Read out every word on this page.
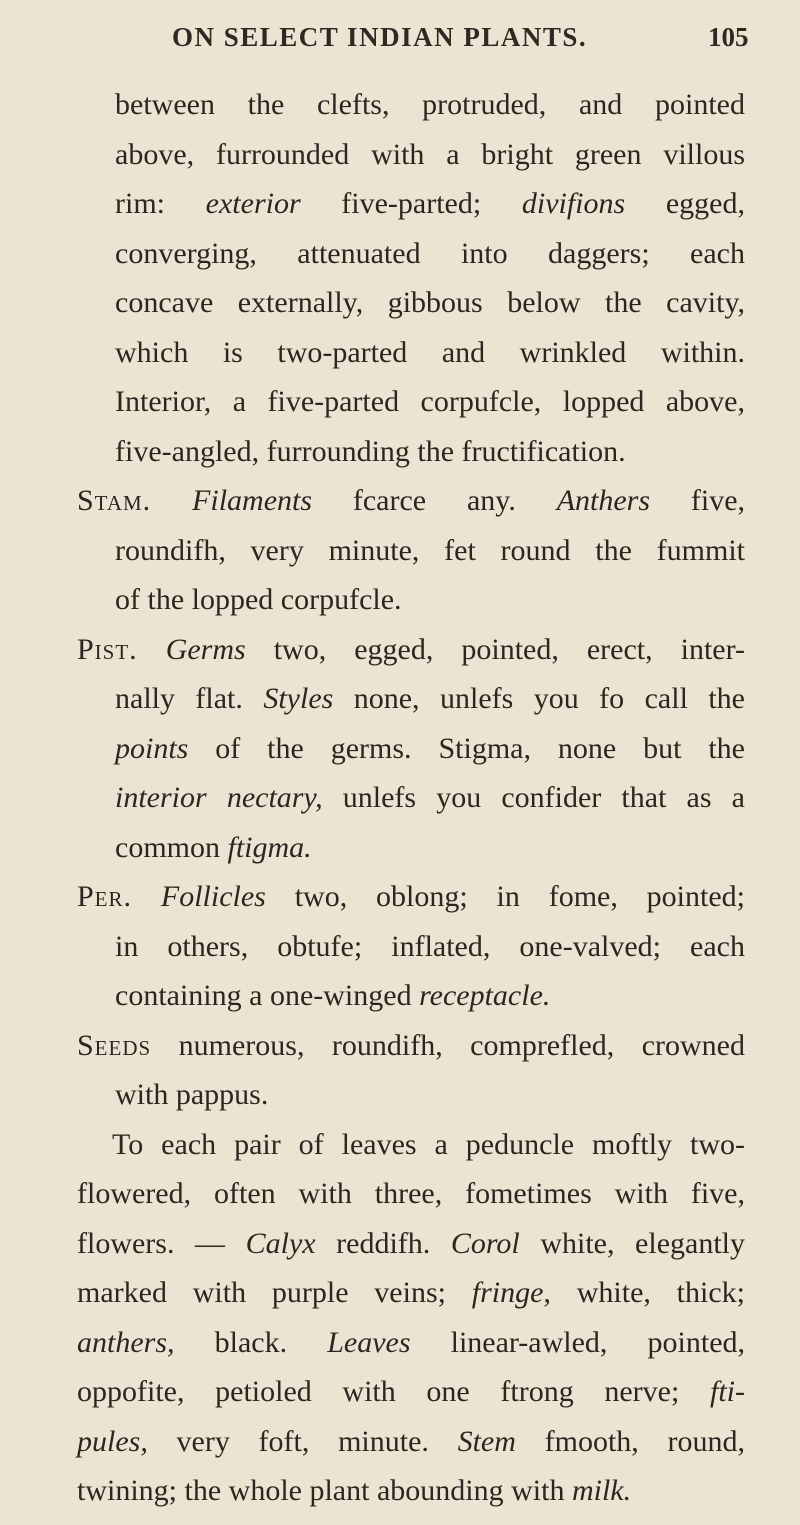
ON SELECT INDIAN PLANTS.	105
between the clefts, protruded, and pointed
above, furrounded with a bright green villous
rim: exterior five-parted; divifions egged,
converging, attenuated into daggers; each
concave externally, gibbous below the cavity,
which is two-parted and wrinkled within.
Interior, a five-parted corpufcle, lopped above,
five-angled, furrounding the fructification.
Stam. Filaments fcarce any. Anthers five,
roundifh, very minute, fet round the fummit
of the lopped corpufcle.
Pist. Germs two, egged, pointed, erect, inter-
nally flat. Styles none, unlefs you fo call the
points of the germs. Stigma, none but the
interior nectary, unlefs you confider that as a
common ftigma.
Per. Follicles two, oblong; in fome, pointed;
in others, obtufe; inflated, one-valved; each
containing a one-winged receptacle.
Seeds numerous, roundifh, comprefled, crowned
with pappus.
To each pair of leaves a peduncle moftly two-
flowered, often with three, fometimes with five,
flowers. — Calyx reddifh. Corol white, elegantly
marked with purple veins; fringe, white, thick;
anthers, black. Leaves linear-awled, pointed,
oppofite, petioled with one ftrong nerve; fti-
pules, very foft, minute. Stem fmooth, round,
twining; the whole plant abounding with milk.
